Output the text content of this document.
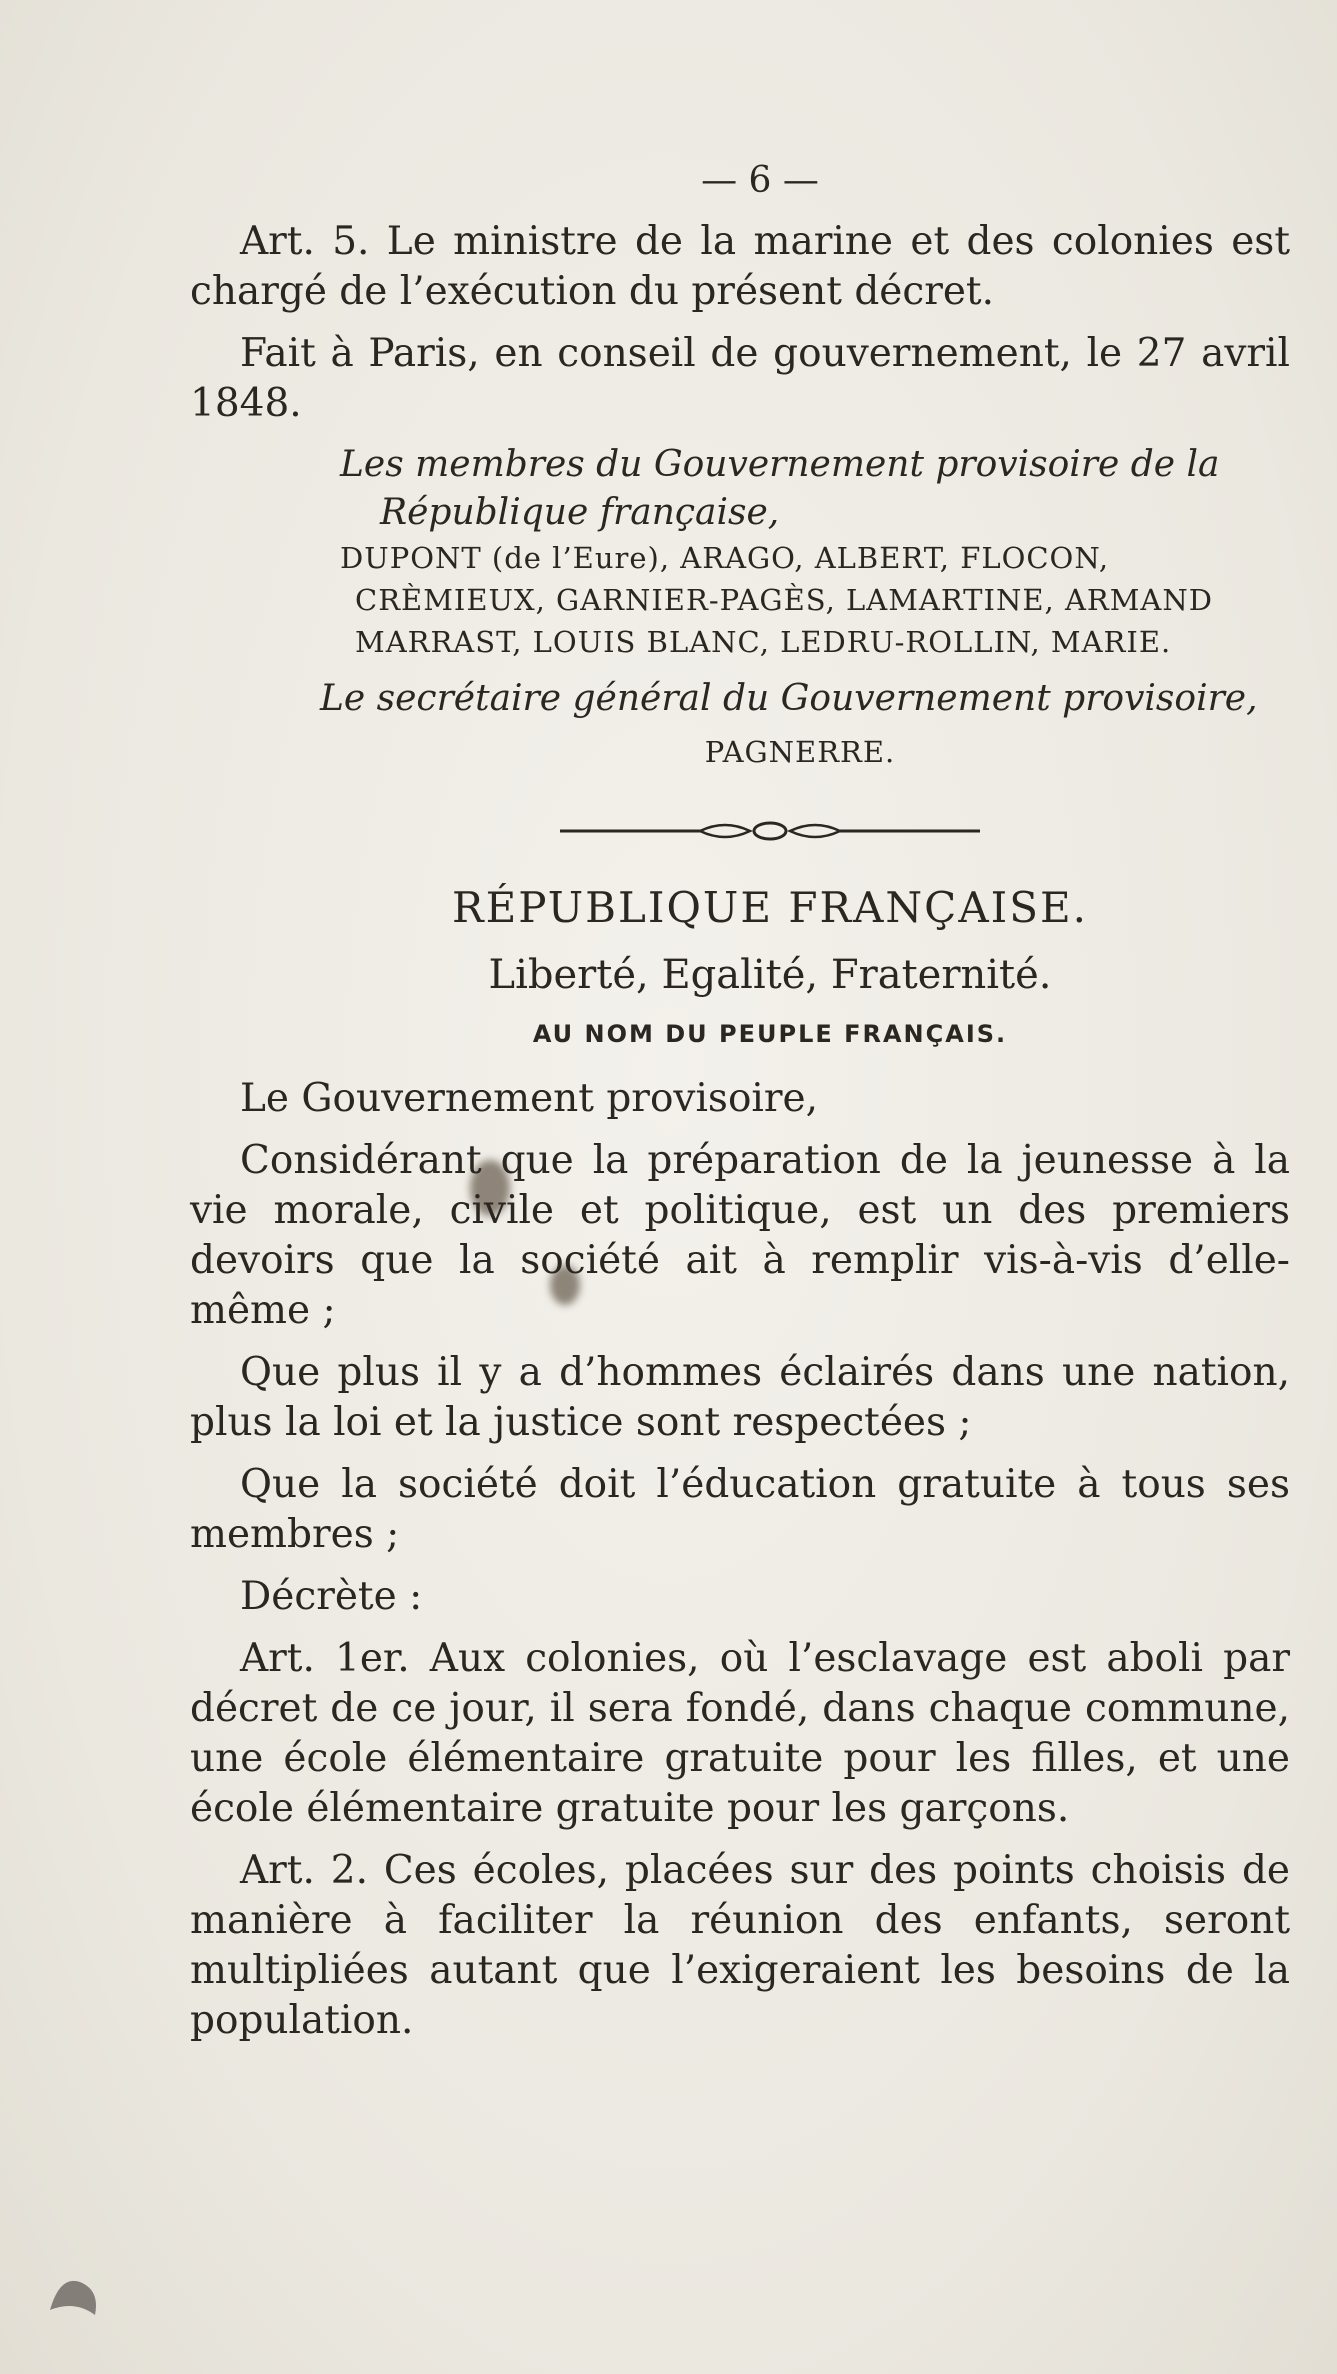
— 6 —

Art. 5. Le ministre de la marine et des colonies est chargé de l’exécution du présent décret.

Fait à Paris, en conseil de gouvernement, le 27 avril 1848.

Les membres du Gouvernement provisoire de la République française,

DUPONT (de l’Eure), ARAGO, ALBERT, FLOCON,

CRÈMIEUX, GARNIER-PAGÈS, LAMARTINE, ARMAND

MARRAST, LOUIS BLANC, LEDRU-ROLLIN, MARIE.

Le secrétaire général du Gouvernement provisoire,

PAGNERRE.

RÉPUBLIQUE FRANÇAISE.

Liberté, Egalité, Fraternité.

AU NOM DU PEUPLE FRANÇAIS.

Le Gouvernement provisoire,

Considérant que la préparation de la jeunesse à la vie morale, civile et politique, est un des premiers devoirs que la société ait à remplir vis-à-vis d’elle-même ;

Que plus il y a d’hommes éclairés dans une nation, plus la loi et la justice sont respectées ;

Que la société doit l’éducation gratuite à tous ses membres ;

Décrète :

Art. 1er. Aux colonies, où l’esclavage est aboli par décret de ce jour, il sera fondé, dans chaque commune, une école élémentaire gratuite pour les filles, et une école élémentaire gratuite pour les garçons.

Art. 2. Ces écoles, placées sur des points choisis de manière à faciliter la réunion des enfants, seront multipliées autant que l’exigeraient les besoins de la population.
